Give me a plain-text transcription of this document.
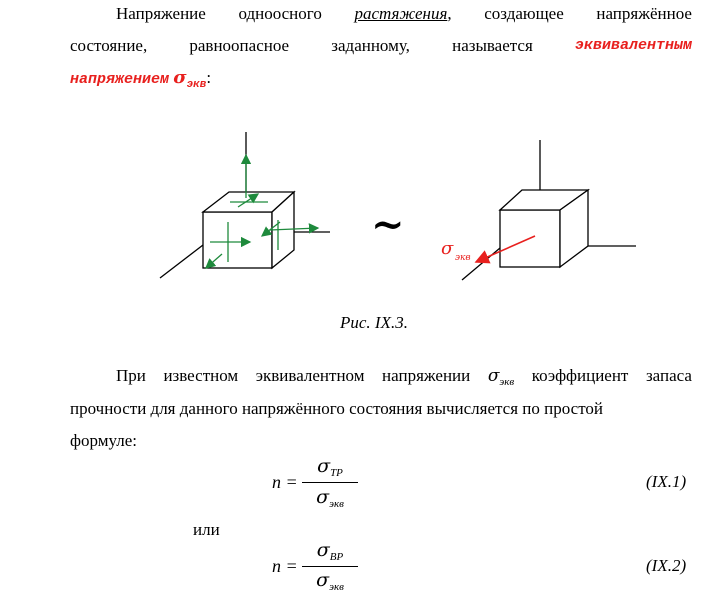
Напряжение одноосного растяжения, создающее напряжённое
состояние, равноопасное заданному, называется	эквивалентным
напряжением $\sigma_{экв}$:
~
σ экв
Рис. IX.3.
При известном эквивалентном напряжении $\sigma_{экв}$ коэффициент запаса
прочности для данного напряжённого состояния вычисляется по простой
формуле:
n =
$\sigma_{ТР}$
$\sigma_{экв}$
(IX.1)
или
n =
$\sigma_{ВР}$
$\sigma_{экв}$
(IX.2)
